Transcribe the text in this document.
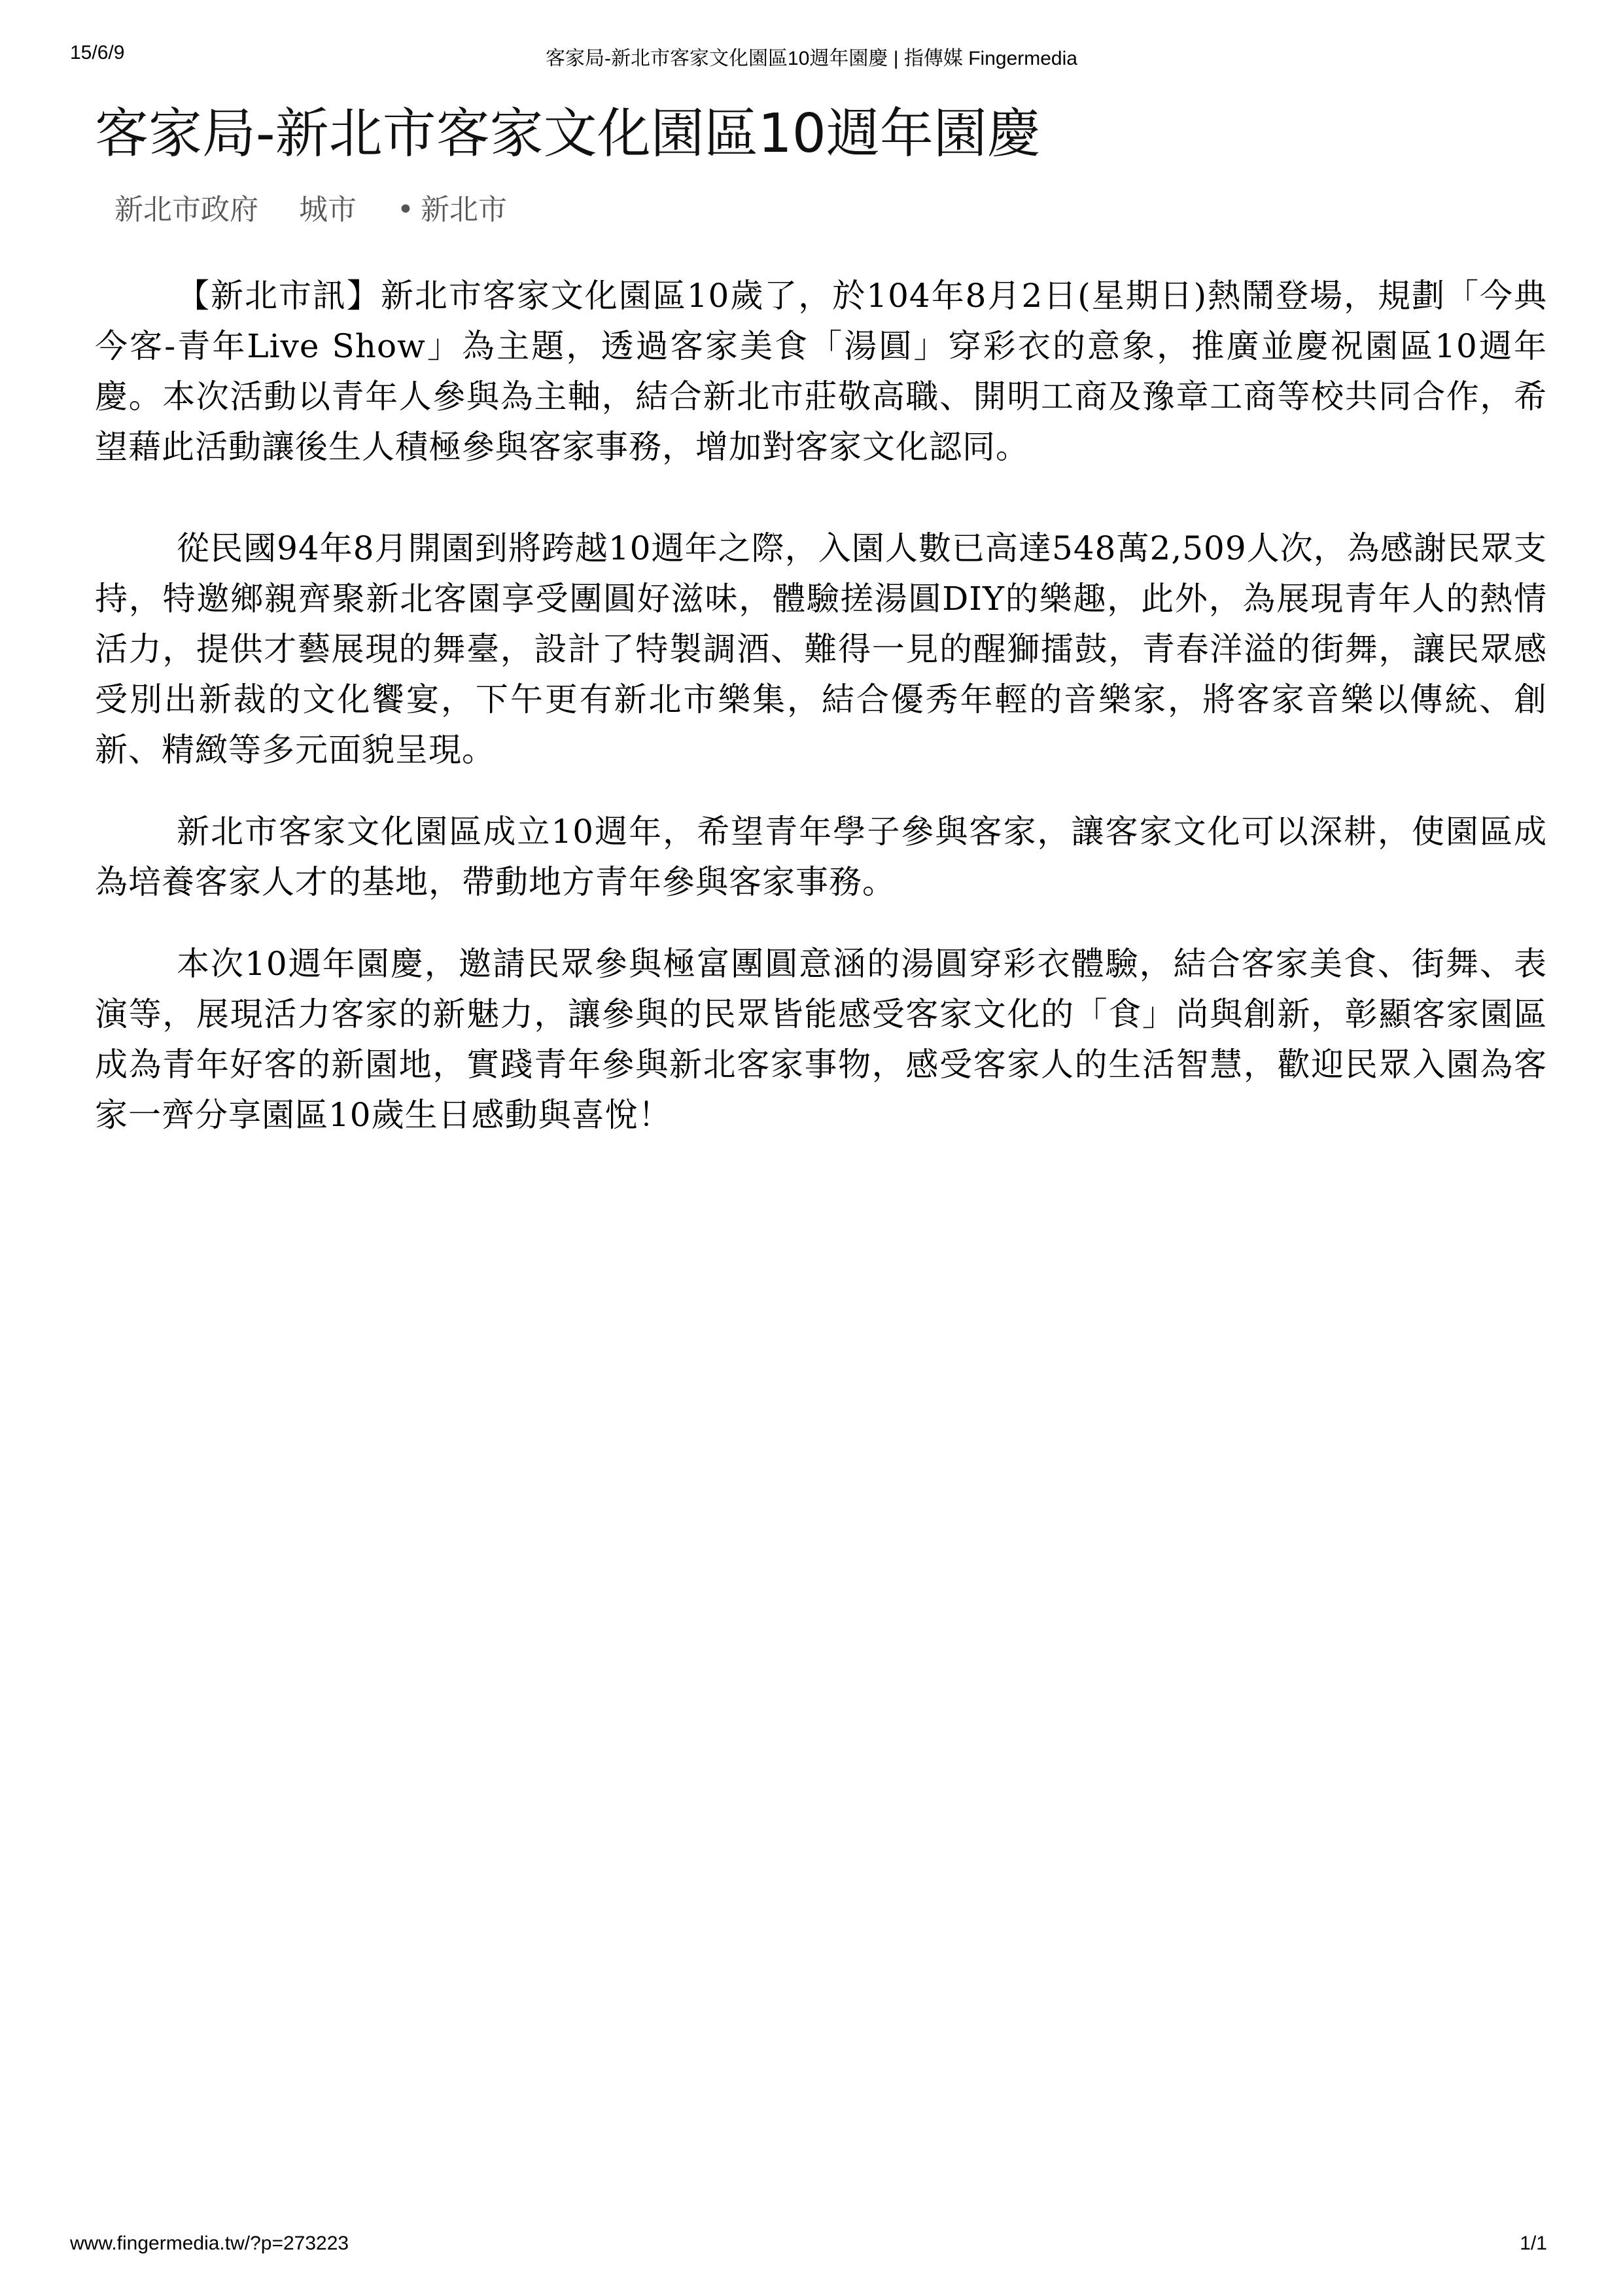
15/6/9	客家局-新北市客家文化園區10週年園慶 | 指傳媒 Fingermedia
客家局-新北市客家文化園區10週年園慶
新北市政府 城市 • 新北市

【新北市訊】新北市客家文化園區10歲了，於104年8月2日(星期日)熱鬧登場，規劃「今典今客-青年Live Show」為主題，透過客家美食「湯圓」穿彩衣的意象，推廣並慶祝園區10週年慶。本次活動以青年人參與為主軸，結合新北市莊敬高職、開明工商及豫章工商等校共同合作，希望藉此活動讓後生人積極參與客家事務，增加對客家文化認同。

從民國94年8月開園到將跨越10週年之際，入園人數已高達548萬2,509人次，為感謝民眾支持，特邀鄉親齊聚新北客園享受團圓好滋味，體驗搓湯圓DIY的樂趣，此外，為展現青年人的熱情活力，提供才藝展現的舞臺，設計了特製調酒、難得一見的醒獅擂鼓，青春洋溢的街舞，讓民眾感受別出新裁的文化饗宴，下午更有新北市樂集，結合優秀年輕的音樂家，將客家音樂以傳統、創新、精緻等多元面貌呈現。

新北市客家文化園區成立10週年，希望青年學子參與客家，讓客家文化可以深耕，使園區成為培養客家人才的基地，帶動地方青年參與客家事務。

本次10週年園慶，邀請民眾參與極富團圓意涵的湯圓穿彩衣體驗，結合客家美食、街舞、表演等，展現活力客家的新魅力，讓參與的民眾皆能感受客家文化的「食」尚與創新，彰顯客家園區成為青年好客的新園地，實踐青年參與新北客家事物，感受客家人的生活智慧，歡迎民眾入園為客家一齊分享園區10歲生日感動與喜悅！

www.fingermedia.tw/?p=273223	1/1
